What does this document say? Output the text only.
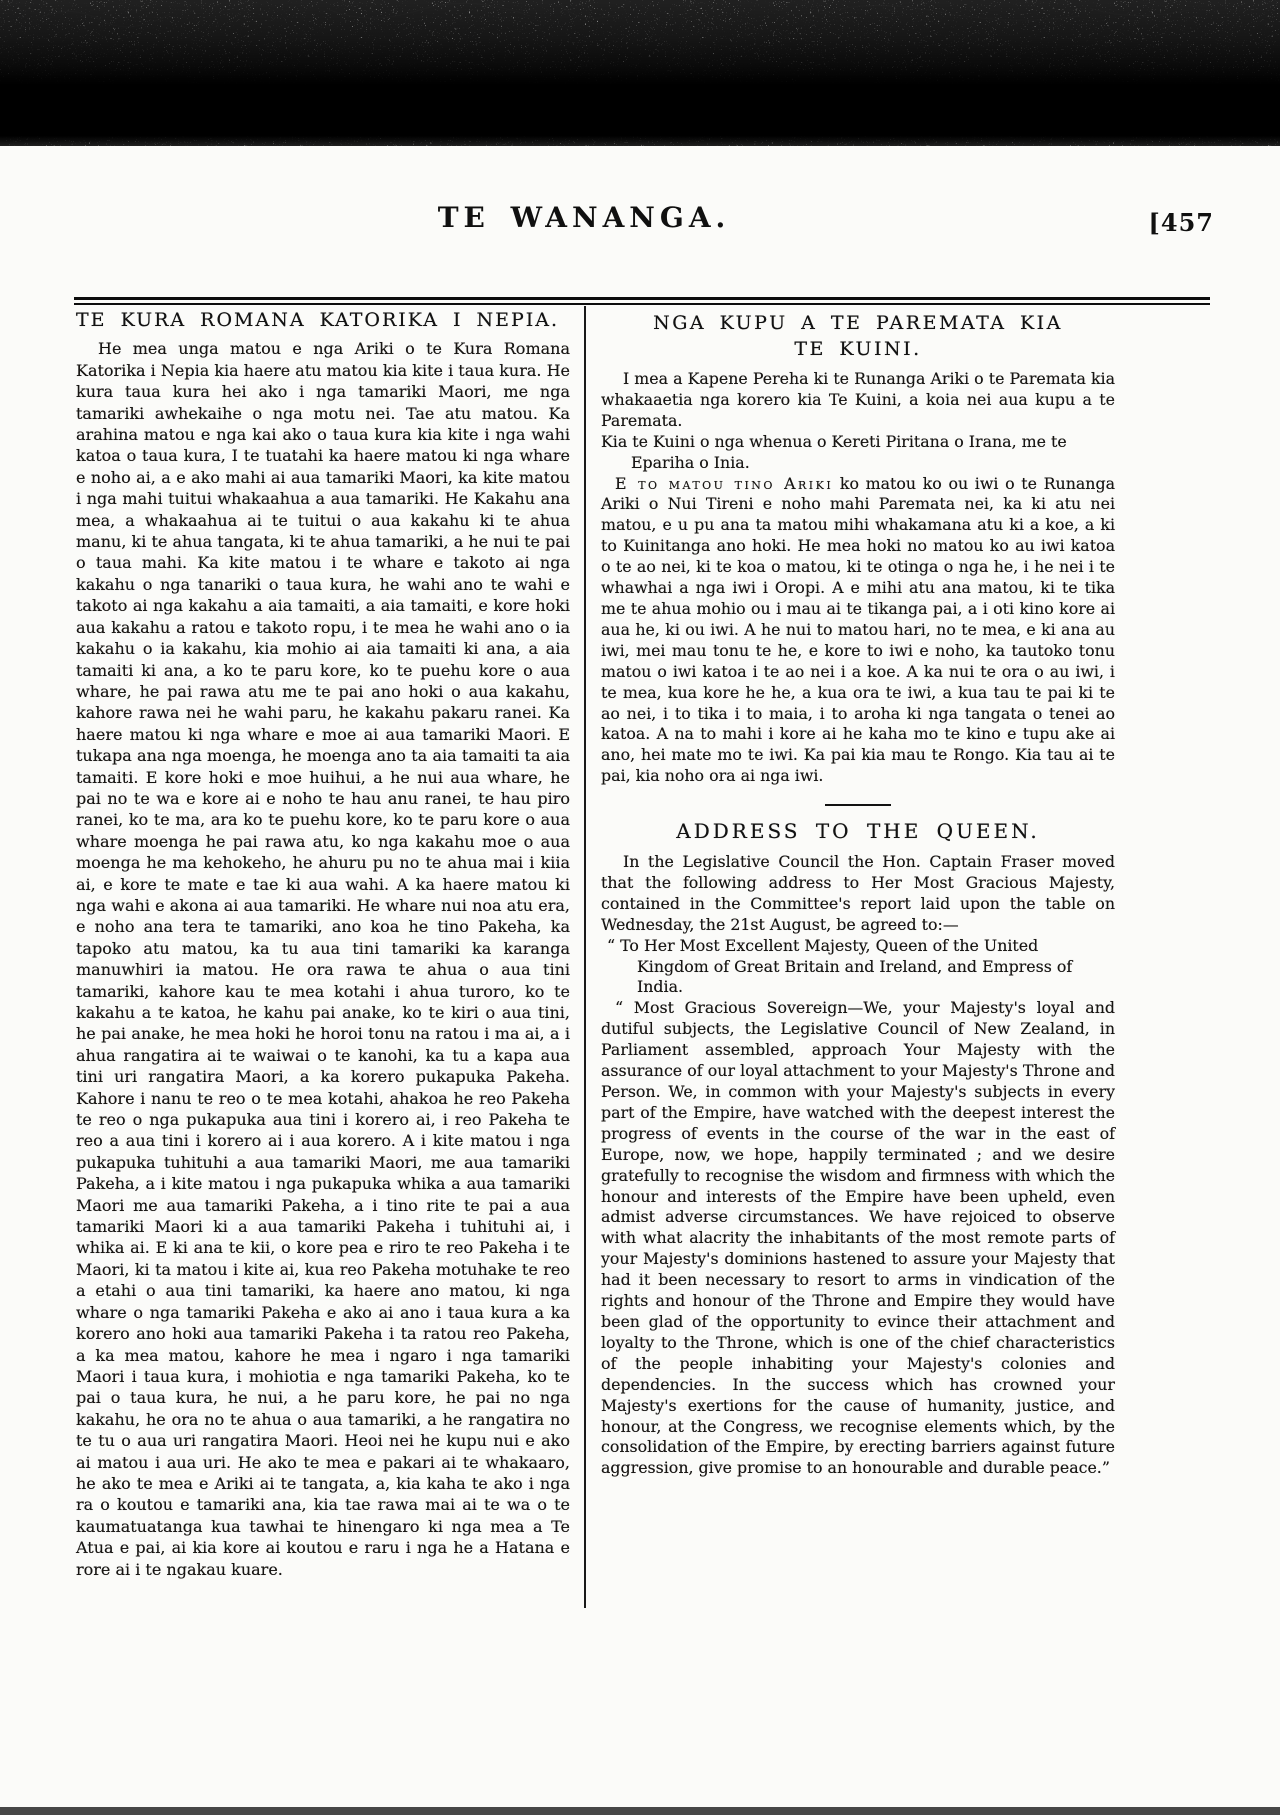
TE WANANGA.	[457
TE KURA ROMANA KATORIKA I NEPIA.

He mea unga matou e nga Ariki o te Kura Romana Katorika i Nepia kia haere atu matou kia kite i taua kura. He kura taua kura hei ako i nga tamariki Maori, me nga tamariki awhekaihe o nga motu nei. Tae atu matou. Ka arahina matou e nga kai ako o taua kura kia kite i nga wahi katoa o taua kura, I te tuatahi ka haere matou ki nga whare e noho ai, a e ako mahi ai aua tamariki Maori, ka kite matou i nga mahi tuitui whakaahua a aua tamariki. He Kakahu ana mea, a whakaahua ai te tuitui o aua kakahu ki te ahua manu, ki te ahua tangata, ki te ahua tamariki, a he nui te pai o taua mahi. Ka kite matou i te whare e takoto ai nga kakahu o nga tanariki o taua kura, he wahi ano te wahi e takoto ai nga kakahu a aia tamaiti, a aia tamaiti, e kore hoki aua kakahu a ratou e takoto ropu, i te mea he wahi ano o ia kakahu o ia kakahu, kia mohio ai aia tamaiti ki ana, a aia tamaiti ki ana, a ko te paru kore, ko te puehu kore o aua whare, he pai rawa atu me te pai ano hoki o aua kakahu, kahore rawa nei he wahi paru, he kakahu pakaru ranei. Ka haere matou ki nga whare e moe ai aua tamariki Maori. E tukapa ana nga moenga, he moenga ano ta aia tamaiti ta aia tamaiti. E kore hoki e moe huihui, a he nui aua whare, he pai no te wa e kore ai e noho te hau anu ranei, te hau piro ranei, ko te ma, ara ko te puehu kore, ko te paru kore o aua whare moenga he pai rawa atu, ko nga kakahu moe o aua moenga he ma kehokeho, he ahuru pu no te ahua mai i kiia ai, e kore te mate e tae ki aua wahi. A ka haere matou ki nga wahi e akona ai aua tamariki. He whare nui noa atu era, e noho ana tera te tamariki, ano koa he tino Pakeha, ka tapoko atu matou, ka tu aua tini tamariki ka karanga manuwhiri ia matou. He ora rawa te ahua o aua tini tamariki, kahore kau te mea kotahi i ahua turoro, ko te kakahu a te katoa, he kahu pai anake, ko te kiri o aua tini, he pai anake, he mea hoki he horoi tonu na ratou i ma ai, a i ahua rangatira ai te waiwai o te kanohi, ka tu a kapa aua tini uri rangatira Maori, a ka korero pukapuka Pakeha. Kahore i nanu te reo o te mea kotahi, ahakoa he reo Pakeha te reo o nga pukapuka aua tini i korero ai, i reo Pakeha te reo a aua tini i korero ai i aua korero. A i kite matou i nga pukapuka tuhituhi a aua tamariki Maori, me aua tamariki Pakeha, a i kite matou i nga pukapuka whika a aua tamariki Maori me aua tamariki Pakeha, a i tino rite te pai a aua tamariki Maori ki a aua tamariki Pakeha i tuhituhi ai, i whika ai. E ki ana te kii, o kore pea e riro te reo Pakeha i te Maori, ki ta matou i kite ai, kua reo Pakeha motuhake te reo a etahi o aua tini tamariki, ka haere ano matou, ki nga whare o nga tamariki Pakeha e ako ai ano i taua kura a ka korero ano hoki aua tamariki Pakeha i ta ratou reo Pakeha, a ka mea matou, kahore he mea i ngaro i nga tamariki Maori i taua kura, i mohiotia e nga tamariki Pakeha, ko te pai o taua kura, he nui, a he paru kore, he pai no nga kakahu, he ora no te ahua o aua tamariki, a he rangatira no te tu o aua uri rangatira Maori. Heoi nei he kupu nui e ako ai matou i aua uri. He ako te mea e pakari ai te whakaaro, he ako te mea e Ariki ai te tangata, a, kia kaha te ako i nga ra o koutou e tamariki ana, kia tae rawa mai ai te wa o te kaumatuatanga kua tawhai te hinengaro ki nga mea a Te Atua e pai, ai kia kore ai koutou e raru i nga he a Hatana e rore ai i te ngakau kuare.

NGA KUPU A TE PAREMATA KIA TE KUINI.

I mea a Kapene Pereha ki te Runanga Ariki o te Paremata kia whakaaetia nga korero kia Te Kuini, a koia nei aua kupu a te Paremata.

Kia te Kuini o nga whenua o Kereti Piritana o Irana, me te Epariha o Inia.

E to matou tino Ariki ko matou ko ou iwi o te Runanga Ariki o Nui Tireni e noho mahi Paremata nei, ka ki atu nei matou, e u pu ana ta matou mihi whakamana atu ki a koe, a ki to Kuinitanga ano hoki. He mea hoki no matou ko au iwi katoa o te ao nei, ki te koa o matou, ki te otinga o nga he, i he nei i te whawhai a nga iwi i Oropi. A e mihi atu ana matou, ki te tika me te ahua mohio ou i mau ai te tikanga pai, a i oti kino kore ai aua he, ki ou iwi. A he nui to matou hari, no te mea, e ki ana au iwi, mei mau tonu te he, e kore to iwi e noho, ka tautoko tonu matou o iwi katoa i te ao nei i a koe. A ka nui te ora o au iwi, i te mea, kua kore he he, a kua ora te iwi, a kua tau te pai ki te ao nei, i to tika i to maia, i to aroha ki nga tangata o tenei ao katoa. A na to mahi i kore ai he kaha mo te kino e tupu ake ai ano, hei mate mo te iwi. Ka pai kia mau te Rongo. Kia tau ai te pai, kia noho ora ai nga iwi.

ADDRESS TO THE QUEEN.

In the Legislative Council the Hon. Captain Fraser moved that the following address to Her Most Gracious Majesty, contained in the Committee's report laid upon the table on Wednesday, the 21st August, be agreed to:—

“ To Her Most Excellent Majesty, Queen of the United Kingdom of Great Britain and Ireland, and Empress of India.

“ Most Gracious Sovereign—We, your Majesty's loyal and dutiful subjects, the Legislative Council of New Zealand, in Parliament assembled, approach Your Majesty with the assurance of our loyal attachment to your Majesty's Throne and Person. We, in common with your Majesty's subjects in every part of the Empire, have watched with the deepest interest the progress of events in the course of the war in the east of Europe, now, we hope, happily terminated ; and we desire gratefully to recognise the wisdom and firmness with which the honour and interests of the Empire have been upheld, even admist adverse circumstances. We have rejoiced to observe with what alacrity the inhabitants of the most remote parts of your Majesty's dominions hastened to assure your Majesty that had it been necessary to resort to arms in vindication of the rights and honour of the Throne and Empire they would have been glad of the opportunity to evince their attachment and loyalty to the Throne, which is one of the chief characteristics of the people inhabiting your Majesty's colonies and dependencies. In the success which has crowned your Majesty's exertions for the cause of humanity, justice, and honour, at the Congress, we recognise elements which, by the consolidation of the Empire, by erecting barriers against future aggression, give promise to an honourable and durable peace.”
